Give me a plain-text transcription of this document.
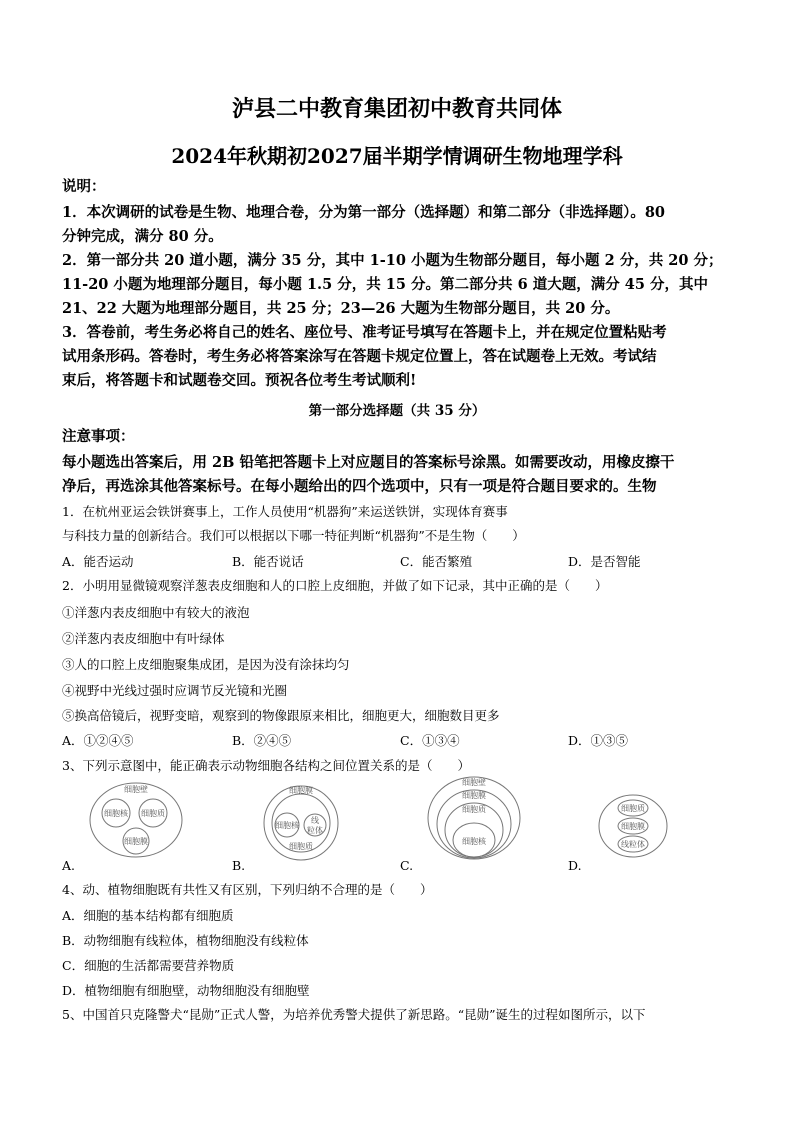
泸县二中教育集团初中教育共同体
2024年秋期初2027届半期学情调研生物地理学科
说明：
1．本次调研的试卷是生物、地理合卷，分为第一部分（选择题）和第二部分（非选择题）。80
分钟完成，满分 80 分。
2．第一部分共 20 道小题，满分 35 分，其中 1-10 小题为生物部分题目，每小题 2 分，共 20 分；
11-20 小题为地理部分题目，每小题 1.5 分，共 15 分。第二部分共 6 道大题，满分 45 分，其中
21、22 大题为地理部分题目，共 25 分；23—26 大题为生物部分题目，共 20 分。
3．答卷前，考生务必将自己的姓名、座位号、准考证号填写在答题卡上，并在规定位置粘贴考
试用条形码。答卷时，考生务必将答案涂写在答题卡规定位置上，答在试题卷上无效。考试结
束后，将答题卡和试题卷交回。预祝各位考生考试顺利!
第一部分选择题（共 35 分）
注意事项：
每小题选出答案后，用 2B 铅笔把答题卡上对应题目的答案标号涂黑。如需要改动，用橡皮擦干
净后，再选涂其他答案标号。在每小题给出的四个选项中，只有一项是符合题目要求的。生物
1．在杭州亚运会铁饼赛事上，工作人员使用“机器狗”来运送铁饼，实现体育赛事
与科技力量的创新结合。我们可以根据以下哪一特征判断“机器狗”不是生物（　　）
A．能否运动	B．能否说话	C．能否繁殖	D．是否智能
2．小明用显微镜观察洋葱表皮细胞和人的口腔上皮细胞，并做了如下记录，其中正确的是（　　）
①洋葱内表皮细胞中有较大的液泡
②洋葱内表皮细胞中有叶绿体
③人的口腔上皮细胞聚集成团，是因为没有涂抹均匀
④视野中光线过强时应调节反光镜和光圈
⑤换高倍镜后，视野变暗，观察到的物像跟原来相比，细胞更大，细胞数目更多
A．①②④⑤	B．②④⑤	C．①③④	D．①③⑤
3、下列示意图中，能正确表示动物细胞各结构之间位置关系的是（　　）
细胞壁
细胞核 细胞质
细胞膜
细胞膜
细胞核
线
粒体
细胞质
细胞壁
细胞膜
细胞质
细胞核
细胞质
细胞膜
线粒体
A.	B.	C.	D.
4、动、植物细胞既有共性又有区别，下列归纳不合理的是（　　）
A．细胞的基本结构都有细胞质
B．动物细胞有线粒体，植物细胞没有线粒体
C．细胞的生活都需要营养物质
D．植物细胞有细胞壁，动物细胞没有细胞壁
5、中国首只克隆警犬“昆勋”正式人警，为培养优秀警犬提供了新思路。“昆勋”诞生的过程如图所示，以下
